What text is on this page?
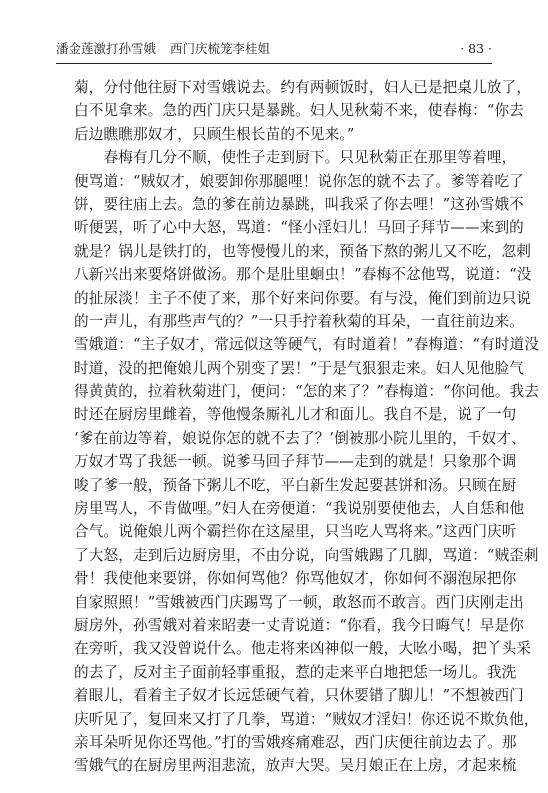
潘金莲激打孙雪娥 西门庆梳笼李桂姐	· 83 ·
菊，分付他往厨下对雪娥说去。约有两顿饭时，妇人已是把桌儿放了，
白不见拿来。急的西门庆只是暴跳。妇人见秋菊不来，使春梅：“你去
后边瞧瞧那奴才，只顾生根长苗的不见来。”
　　春梅有几分不顺，使性子走到厨下。只见秋菊正在那里等着哩，
便骂道：“贼奴才，娘要卸你那腿哩！说你怎的就不去了。爹等着吃了
饼，要往庙上去。急的爹在前边暴跳，叫我采了你去哩！”这孙雪娥不
听便罢，听了心中大怒，骂道：“怪小淫妇儿！马回子拜节——来到的
就是？锅儿是铁打的，也等慢慢儿的来，预备下熬的粥儿又不吃，忽剌
八新兴出来要烙饼做汤。那个是肚里蛔虫！”春梅不忿他骂，说道：“没
的扯尿淡！主子不使了来，那个好来问你要。有与没，俺们到前边只说
的一声儿，有那些声气的？”一只手拧着秋菊的耳朵，一直往前边来。
雪娥道：“主子奴才，常远似这等硬气，有时道着！”春梅道：“有时道没
时道，没的把俺娘儿两个别变了罢！”于是气狠狠走来。妇人见他脸气
得黄黄的，拉着秋菊进门，便问：“怎的来了？”春梅道：“你问他。我去
时还在厨房里雌着，等他慢条厮礼儿才和面儿。我自不是，说了一句
‘爹在前边等着，娘说你怎的就不去了？’倒被那小院儿里的，千奴才、
万奴才骂了我惩一顿。说爹马回子拜节——走到的就是！只象那个调
唆了爹一般，预备下粥儿不吃，平白新生发起要甚饼和汤。只顾在厨
房里骂人，不肯做哩。”妇人在旁便道：“我说别要使他去，人自恁和他
合气。说俺娘儿两个霸拦你在这屋里，只当吃人骂将来。”这西门庆听
了大怒，走到后边厨房里，不由分说，向雪娥踢了几脚，骂道：“贼歪刺
骨！我使他来要饼，你如何骂他？你骂他奴才，你如何不溺泡尿把你
自家照照！”雪娥被西门庆踢骂了一顿，敢怒而不敢言。西门庆刚走出
厨房外，孙雪娥对着来昭妻一丈青说道：“你看，我今日晦气！早是你
在旁听，我又没曾说什么。他走将来凶神似一般，大吆小喝，把丫头采
的去了，反对主子面前轻事重报，惹的走来平白地把恁一场儿。我洗
着眼儿，看着主子奴才长远恁硬气着，只休要错了脚儿！”不想被西门
庆听见了，复回来又打了几拳，骂道：“贼奴才淫妇！你还说不欺负他，
亲耳朵听见你还骂他。”打的雪娥疼痛难忍，西门庆便往前边去了。那
雪娥气的在厨房里两泪悲流，放声大哭。吴月娘正在上房，才起来梳
